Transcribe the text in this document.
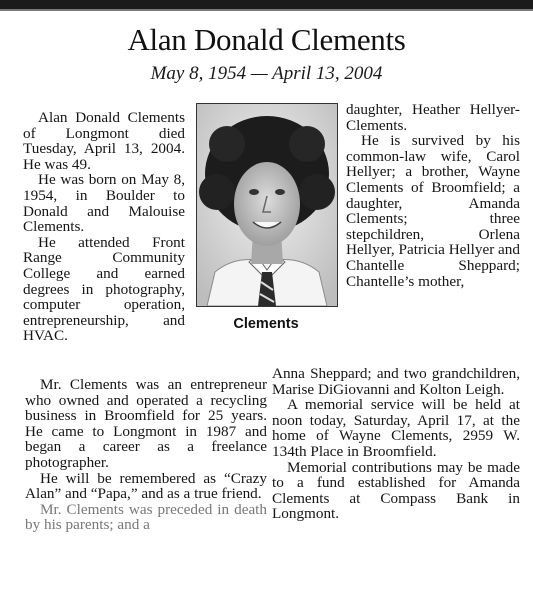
Alan Donald Clements
May 8, 1954 — April 13, 2004

Alan Donald Clements of Longmont died Tuesday, April 13, 2004. He was 49.

He was born on May 8, 1954, in Boulder to Donald and Malouise Clements.

He attended Front Range Community College and earned degrees in photography, computer operation, entrepreneurship, and HVAC.

Clements

daughter, Heather Hellyer-Clements.

He is survived by his common-law wife, Carol Hellyer; a brother, Wayne Clements of Broomfield; a daughter, Amanda Clements; three stepchildren, Orlena Hellyer, Patricia Hellyer and Chantelle Sheppard; Chantelle’s mother,

Mr. Clements was an entrepreneur who owned and operated a recycling business in Broomfield for 25 years. He came to Longmont in 1987 and began a career as a freelance photographer.

He will be remembered as “Crazy Alan” and “Papa,” and as a true friend.

Mr. Clements was preceded in death by his parents; and a

Anna Sheppard; and two grandchildren, Marise DiGiovanni and Kolton Leigh.

A memorial service will be held at noon today, Saturday, April 17, at the home of Wayne Clements, 2959 W. 134th Place in Broomfield.

Memorial contributions may be made to a fund established for Amanda Clements at Compass Bank in Longmont.
